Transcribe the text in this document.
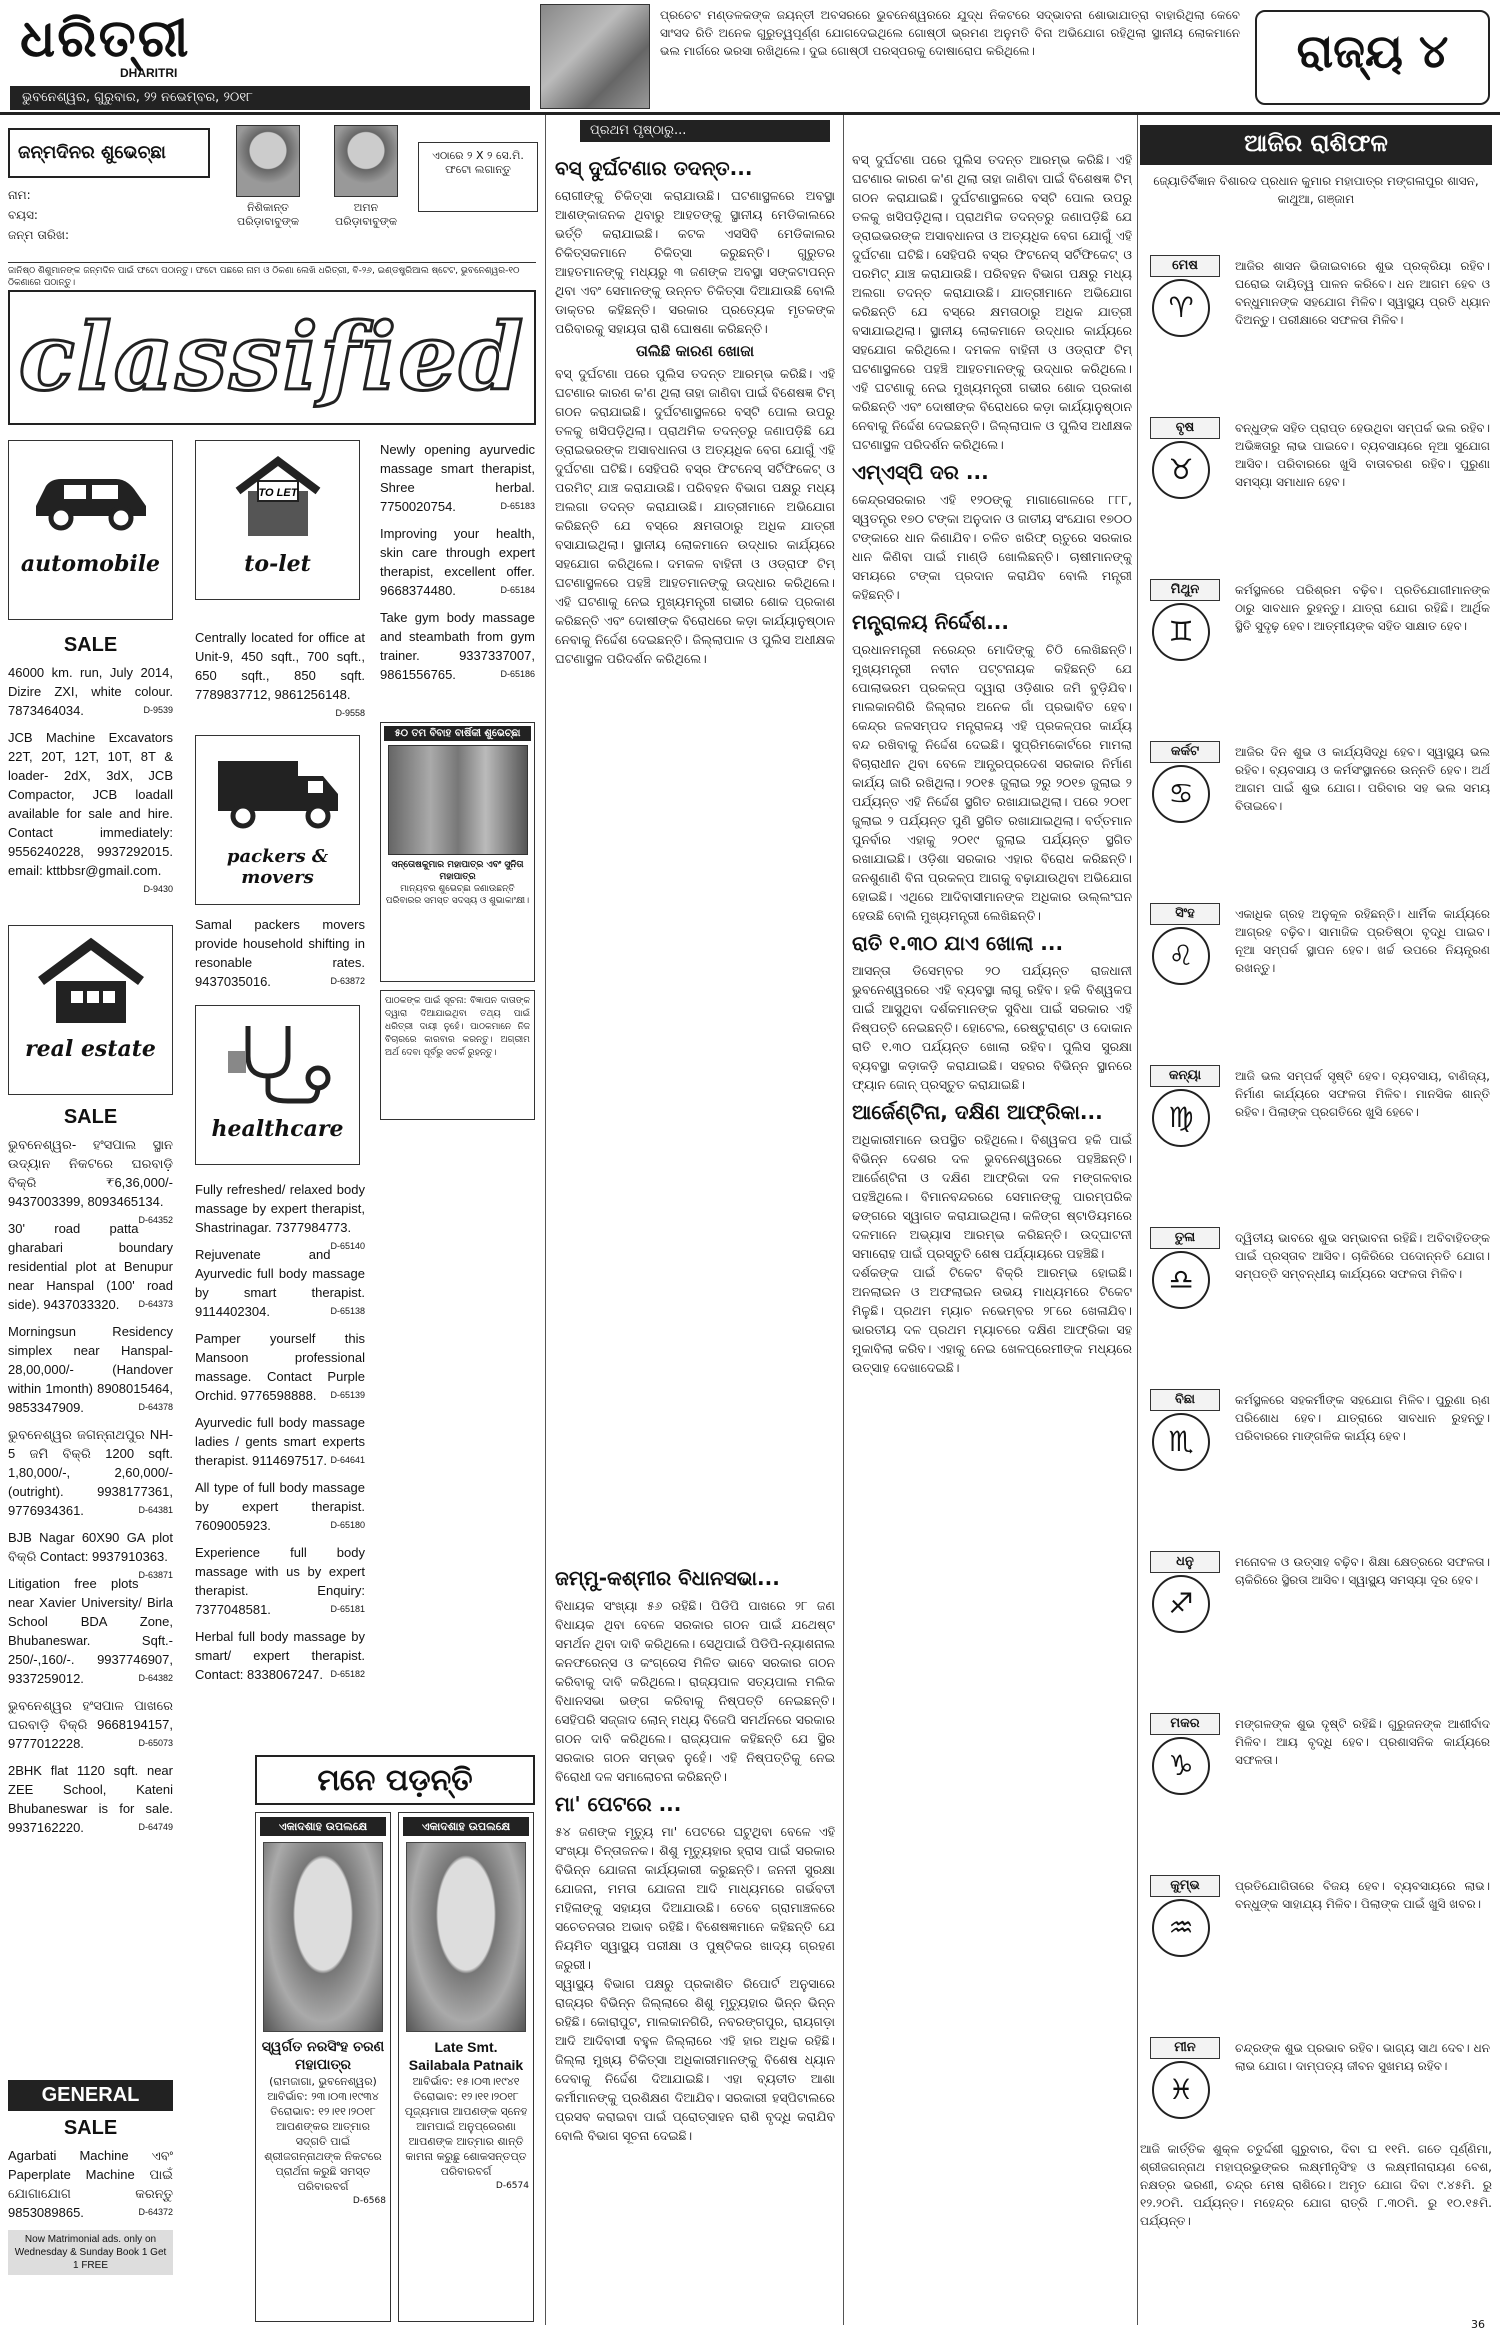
ଧରିତ୍ରୀ
DHARITRI
ଭୁବନେଶ୍ୱର, ଗୁରୁବାର, ୨୨ ନଭେମ୍ବର, ୨୦୧୮
ପ୍ରଚେଟ ମଣ୍ଡଳକଙ୍କ ଜୟନ୍ତୀ ଅବସରରେ ଭୁବନେଶ୍ୱରରେ ଯୁଦ୍ଧ ନିକଟରେ ସଦ୍ଭାବନା ଶୋଭାଯାତ୍ରା ବାହାରିଥିଲା କେବେ ସାଂସଦ ରିତି ଅନେକ ଗୁରୁତ୍ୱପୂର୍ଣ୍ଣ ଯୋଗଦେଇଥିଲେ ଗୋଷ୍ଠୀ ଭ୍ରମଣ ଅନୁମତି ବିନା ଅଭିଯୋଗ ରହିଥିଲା ସ୍ଥାନୀୟ ଲୋକମାନେ ଭଲ ମାର୍ଗରେ ଭରସା ରଖିଥିଲେ। ଦୁଇ ଗୋଷ୍ଠୀ ପରସ୍ପରକୁ ଦୋଷାରୋପ କରିଥିଲେ।	ରାଜ୍ୟ ୪
ଜନ୍ମଦିନର ଶୁଭେଚ୍ଛା
ନିଶିକାନ୍ତ ପରିଡ଼ାବାବୁଙ୍କ
ଅମନ ପରିଡ଼ାବାବୁଙ୍କ
ଏଠାରେ ୨ X ୨ ସେ.ମି. ଫଟୋ ଲଗାନ୍ତୁ
ନାମ:
ବୟସ:
ଜନ୍ମ ତାରିଖ:
ଜାନିଷ୍ଠ ଶିଶୁମାନଙ୍କ ଜନ୍ମଦିନ ପାଇଁ ଫଟୋ ପଠାନ୍ତୁ। ଫଟୋ ପଛରେ ନାମ ଓ ଠିକଣା ଲେଖି ଧରିତ୍ରୀ, ବି-୨୬, ଇଣ୍ଡଷ୍ଟ୍ରିଆଲ ଷ୍ଟେଟ, ଭୁବନେଶ୍ୱର-୧୦ ଠିକଣାରେ ପଠାନ୍ତୁ।
classified
automobile
SALE

46000 km. run, July 2014, Dizire ZXI, white colour. 7873464034.	D-9539

JCB Machine Excavators 22T, 20T, 12T, 10T, 8T & loader- 2dX, 3dX, JCB Compactor, JCB loadall available for sale and hire. Contact immediately: 9556240228, 9937292015. email: kttbbsr@gmail.com.
D-9430

real estate
SALE

ଭୁବନେଶ୍ୱର- ହଂସପାଲ ସ୍ଥାନ ଉଦ୍ୟାନ ନିକଟରେ ଘରବାଡ଼ି ବିକ୍ରି ₹6,36,000/- 9437003399, 8093465134.
D-64352

30' road patta gharabari boundary residential plot at Benupur near Hanspal (100' road side). 9437033320. D-64373

Morningsun Residency simplex near Hanspal- 28,00,000/- (Handover within 1month) 8908015464, 9853347909.	D-64378

ଭୁବନେଶ୍ୱର ଜଗନ୍ନାଥପୁର NH-5 ଜମି ବିକ୍ରି 1200 sqft. 1,80,000/-, 2,60,000/- (outright). 9938177361, 9776934361.	D-64381

BJB Nagar 60X90 GA plot ବିକ୍ରି Contact: 9937910363.
D-63871

Litigation free plots near Xavier University/ Birla School BDA Zone, Bhubaneswar. Sqft.- 250/-,160/-. 9937746907, 9337259012.	D-64382

ଭୁବନେଶ୍ୱର ହଂସପାଳ ପାଖରେ ଘରବାଡ଼ି ବିକ୍ରି 9668194157, 9777012228.	D-65073

2BHK flat 1120 sqft. near ZEE School, Kateni Bhubaneswar is for sale. 9937162220.	D-64749

GENERAL
SALE

Agarbati Machine ଏବଂ Paperplate Machine ପାଇଁ ଯୋଗାଯୋଗ କରନ୍ତୁ 9853089865.	D-64372

Now Matrimonial ads. only on Wednesday & Sunday Book 1 Get 1 FREE
TO LET
to-let

Centrally located for office at Unit-9, 450 sqft., 700 sqft., 650 sqft., 850 sqft. 7789837712, 9861256148.
D-9558

packers & movers

Samal packers movers provide household shifting in resonable rates. 9437035016.	D-63872

healthcare

Fully refreshed/ relaxed body massage by expert therapist, Shastrinagar. 7377984773.
D-65140

Rejuvenate and Ayurvedic full body massage by smart therapist. 9114402304.	D-65138

Pamper yourself this Mansoon professional massage. Contact Purple Orchid. 9776598888. D-65139

Ayurvedic full body massage ladies / gents smart experts therapist. 9114697517. D-64641

All type of full body massage by expert therapist. 7609005923.	D-65180

Experience full body massage with us by expert therapist. Enquiry: 7377048581.	D-65181

Herbal full body massage by smart/ expert therapist. Contact: 8338067247. D-65182

Newly opening ayurvedic massage smart therapist, Shree herbal. 7750020754.	D-65183

Improving your health, skin care through expert therapist, excellent offer. 9668374480.	D-65184

Take gym body massage and steambath from gym trainer. 9337337007, 9861556765.	D-65186

୫୦ ତମ ବିବାହ ବାର୍ଷିକୀ ଶୁଭେଚ୍ଛା
ସନ୍ତୋଷକୁମାର ମହାପାତ୍ର ଏବଂ ସୁନିତା ମହାପାତ୍ର
ମାନ୍ୟବର ଶୁଭେଚ୍ଛା ଜଣାଉଛନ୍ତି ପରିବାରର ସମସ୍ତ ସଦସ୍ୟ ଓ ଶୁଭାକାଂକ୍ଷୀ।
ପାଠକଙ୍କ ପାଇଁ ସୂଚନା: ବିଜ୍ଞାପନ ଦାତାଙ୍କ ଦ୍ୱାରା ଦିଆଯାଇଥିବା ତଥ୍ୟ ପାଇଁ ଧରିତ୍ରୀ ଦାୟୀ ନୁହେଁ। ପାଠକମାନେ ନିଜ ବିଚାରରେ କାରବାର କରନ୍ତୁ। ଅଗ୍ରୀମ ଅର୍ଥ ଦେବା ପୂର୍ବରୁ ସତର୍କ ରୁହନ୍ତୁ।
ମନେ ପଡ଼ନ୍ତି
ଏକାଦଶାହ ଉପଲକ୍ଷେ
ସ୍ୱର୍ଗତ ନରସିଂହ ଚରଣ ମହାପାତ୍ର
(ରାମଜାଗା, ଭୁବନେଶ୍ୱର) ଆବିର୍ଭାବ: ୨୩।୦୩।୧୯୩୪ ତିରୋଭାବ: ୧୨।୧୧।୨୦୧୮ ଆପଣଙ୍କର ଆତ୍ମାର ସଦ୍ଗତି ପାଇଁ ଶ୍ରୀଜଗନ୍ନାଥଙ୍କ ନିକଟରେ ପ୍ରାର୍ଥନା କରୁଛି ସମସ୍ତ ପରିବାରବର୍ଗ
D-6568
ଏକାଦଶାହ ଉପଲକ୍ଷେ
Late Smt. Sailabala Patnaik
ଆବିର୍ଭାବ: ୧୫।୦୩।୧୯୪୧ ତିରୋଭାବ: ୧୨।୧୧।୨୦୧୮ ପୂଜ୍ୟମାତା ଆପଣଙ୍କ ସ୍ନେହ ଆମପାଇଁ ଅନୁପ୍ରେରଣା ଆପଣଙ୍କ ଆତ୍ମାର ଶାନ୍ତି କାମନା କରୁଛୁ ଶୋକସନ୍ତପ୍ତ ପରିବାରବର୍ଗ
D-6574
ପ୍ରଥମ ପୃଷ୍ଠାରୁ...
ବସ୍ ଦୁର୍ଘଟଣାର ତଦନ୍ତ...

ରୋଗୀଙ୍କୁ ଚିକିତ୍ସା କରାଯାଉଛି। ଘଟଣାସ୍ଥଳରେ ଅବସ୍ଥା ଆଶଙ୍କାଜନକ ଥିବାରୁ ଆହତଙ୍କୁ ସ୍ଥାନୀୟ ମେଡିକାଲରେ ଭର୍ତ୍ତି କରାଯାଇଛି। କଟକ ଏସସିବି ମେଡିକାଲର ଚିକିତ୍ସକମାନେ ଚିକିତ୍ସା କରୁଛନ୍ତି। ଗୁରୁତର ଆହତମାନଙ୍କୁ ମଧ୍ୟରୁ ୩ ଜଣଙ୍କ ଅବସ୍ଥା ସଙ୍କଟାପନ୍ନ ଥିବା ଏବଂ ସେମାନଙ୍କୁ ଉନ୍ନତ ଚିକିତ୍ସା ଦିଆଯାଉଛି ବୋଲି ଡାକ୍ତର କହିଛନ୍ତି। ସରକାର ପ୍ରତ୍ୟେକ ମୃତକଙ୍କ ପରିବାରକୁ ସହାୟତା ରାଶି ଘୋଷଣା କରିଛନ୍ତି।

ତାଲିଛି କାରଣ ଖୋଜା

ବସ୍ ଦୁର୍ଘଟଣା ପରେ ପୁଲିସ ତଦନ୍ତ ଆରମ୍ଭ କରିଛି। ଏହି ଘଟଣାର କାରଣ କ'ଣ ଥିଲା ତାହା ଜାଣିବା ପାଇଁ ବିଶେଷଜ୍ଞ ଟିମ୍ ଗଠନ କରାଯାଇଛି। ଦୁର୍ଘଟଣାସ୍ଥଳରେ ବସ୍‌ଟି ପୋଲ ଉପରୁ ତଳକୁ ଖସିପଡ଼ିଥିଲା। ପ୍ରାଥମିକ ତଦନ୍ତରୁ ଜଣାପଡ଼ିଛି ଯେ ଡ୍ରାଇଭରଙ୍କ ଅସାବଧାନତା ଓ ଅତ୍ୟଧିକ ବେଗ ଯୋଗୁଁ ଏହି ଦୁର୍ଘଟଣା ଘଟିଛି। ସେହିପରି ବସ୍‌ର ଫିଟନେସ୍ ସର୍ଟିଫିକେଟ୍ ଓ ପରମିଟ୍ ଯାଞ୍ଚ କରାଯାଉଛି। ପରିବହନ ବିଭାଗ ପକ୍ଷରୁ ମଧ୍ୟ ଅଲଗା ତଦନ୍ତ କରାଯାଉଛି। ଯାତ୍ରୀମାନେ ଅଭିଯୋଗ କରିଛନ୍ତି ଯେ ବସ୍‌ରେ କ୍ଷମତାଠାରୁ ଅଧିକ ଯାତ୍ରୀ ବସାଯାଇଥିଲା। ସ୍ଥାନୀୟ ଲୋକମାନେ ଉଦ୍ଧାର କାର୍ଯ୍ୟରେ ସହଯୋଗ କରିଥିଲେ। ଦମକଳ ବାହିନୀ ଓ ଓଡ୍ରାଫ ଟିମ୍ ଘଟଣାସ୍ଥଳରେ ପହଞ୍ଚି ଆହତମାନଙ୍କୁ ଉଦ୍ଧାର କରିଥିଲେ। ଏହି ଘଟଣାକୁ ନେଇ ମୁଖ୍ୟମନ୍ତ୍ରୀ ଗଭୀର ଶୋକ ପ୍ରକାଶ କରିଛନ୍ତି ଏବଂ ଦୋଷୀଙ୍କ ବିରୋଧରେ କଡ଼ା କାର୍ଯ୍ୟାନୁଷ୍ଠାନ ନେବାକୁ ନିର୍ଦ୍ଦେଶ ଦେଇଛନ୍ତି। ଜିଲ୍ଲାପାଳ ଓ ପୁଲିସ ଅଧୀକ୍ଷକ ଘଟଣାସ୍ଥଳ ପରିଦର୍ଶନ କରିଥିଲେ।

ଜମ୍ମୁ-କଶ୍ମୀର ବିଧାନସଭା...

ବିଧାୟକ ସଂଖ୍ୟା ୫୬ ରହିଛି। ପିଡିପି ପାଖରେ ୨୮ ଜଣ ବିଧାୟକ ଥିବା ବେଳେ ସରକାର ଗଠନ ପାଇଁ ଯଥେଷ୍ଟ ସମର୍ଥନ ଥିବା ଦାବି କରିଥିଲେ। ସେଥିପାଇଁ ପିଡିପି-ନ୍ୟାଶନାଲ କନଫରେନ୍ସ ଓ କଂଗ୍ରେସ ମିଳିତ ଭାବେ ସରକାର ଗଠନ କରିବାକୁ ଦାବି କରିଥିଲେ। ରାଜ୍ୟପାଳ ସତ୍ୟପାଲ ମଲିକ ବିଧାନସଭା ଭଙ୍ଗ କରିବାକୁ ନିଷ୍ପତ୍ତି ନେଇଛନ୍ତି। ସେହିପରି ସଜ୍ଜାଦ ଲୋନ୍ ମଧ୍ୟ ବିଜେପି ସମର୍ଥନରେ ସରକାର ଗଠନ ଦାବି କରିଥିଲେ। ରାଜ୍ୟପାଳ କହିଛନ୍ତି ଯେ ସ୍ଥିର ସରକାର ଗଠନ ସମ୍ଭବ ନୁହେଁ। ଏହି ନିଷ୍ପତ୍ତିକୁ ନେଇ ବିରୋଧୀ ଦଳ ସମାଲୋଚନା କରିଛନ୍ତି।

ମା' ପେଟରେ ...

୫୪ ଜଣଙ୍କ ମୃତ୍ୟୁ ମା' ପେଟରେ ଘଟୁଥିବା ବେଳେ ଏହି ସଂଖ୍ୟା ଚିନ୍ତାଜନକ। ଶିଶୁ ମୃତ୍ୟୁହାର ହ୍ରାସ ପାଇଁ ସରକାର ବିଭିନ୍ନ ଯୋଜନା କାର୍ଯ୍ୟକାରୀ କରୁଛନ୍ତି। ଜନନୀ ସୁରକ୍ଷା ଯୋଜନା, ମମତା ଯୋଜନା ଆଦି ମାଧ୍ୟମରେ ଗର୍ଭବତୀ ମହିଳାଙ୍କୁ ସହାୟତା ଦିଆଯାଉଛି। ତେବେ ଗ୍ରାମାଞ୍ଚଳରେ ସଚେତନତାର ଅଭାବ ରହିଛି। ବିଶେଷଜ୍ଞମାନେ କହିଛନ୍ତି ଯେ ନିୟମିତ ସ୍ୱାସ୍ଥ୍ୟ ପରୀକ୍ଷା ଓ ପୁଷ୍ଟିକର ଖାଦ୍ୟ ଗ୍ରହଣ ଜରୁରୀ।

ସ୍ୱାସ୍ଥ୍ୟ ବିଭାଗ ପକ୍ଷରୁ ପ୍ରକାଶିତ ରିପୋର୍ଟ ଅନୁସାରେ ରାଜ୍ୟର ବିଭିନ୍ନ ଜିଲ୍ଲାରେ ଶିଶୁ ମୃତ୍ୟୁହାର ଭିନ୍ନ ଭିନ୍ନ ରହିଛି। କୋରାପୁଟ, ମାଲକାନଗିରି, ନବରଙ୍ଗପୁର, ରାୟଗଡ଼ା ଆଦି ଆଦିବାସୀ ବହୁଳ ଜିଲ୍ଲାରେ ଏହି ହାର ଅଧିକ ରହିଛି। ଜିଲ୍ଲା ମୁଖ୍ୟ ଚିକିତ୍ସା ଅଧିକାରୀମାନଙ୍କୁ ବିଶେଷ ଧ୍ୟାନ ଦେବାକୁ ନିର୍ଦ୍ଦେଶ ଦିଆଯାଇଛି। ଏହା ବ୍ୟତୀତ ଆଶା କର୍ମୀମାନଙ୍କୁ ପ୍ରଶିକ୍ଷଣ ଦିଆଯିବ। ସରକାରୀ ହସ୍ପିଟାଲରେ ପ୍ରସବ କରାଇବା ପାଇଁ ପ୍ରୋତ୍ସାହନ ରାଶି ବୃଦ୍ଧି କରାଯିବ ବୋଲି ବିଭାଗ ସୂଚନା ଦେଇଛି।

ବସ୍ ଦୁର୍ଘଟଣା ପରେ ପୁଲିସ ତଦନ୍ତ ଆରମ୍ଭ କରିଛି। ଏହି ଘଟଣାର କାରଣ କ'ଣ ଥିଲା ତାହା ଜାଣିବା ପାଇଁ ବିଶେଷଜ୍ଞ ଟିମ୍ ଗଠନ କରାଯାଇଛି। ଦୁର୍ଘଟଣାସ୍ଥଳରେ ବସ୍‌ଟି ପୋଲ ଉପରୁ ତଳକୁ ଖସିପଡ଼ିଥିଲା। ପ୍ରାଥମିକ ତଦନ୍ତରୁ ଜଣାପଡ଼ିଛି ଯେ ଡ୍ରାଇଭରଙ୍କ ଅସାବଧାନତା ଓ ଅତ୍ୟଧିକ ବେଗ ଯୋଗୁଁ ଏହି ଦୁର୍ଘଟଣା ଘଟିଛି। ସେହିପରି ବସ୍‌ର ଫିଟନେସ୍ ସର୍ଟିଫିକେଟ୍ ଓ ପରମିଟ୍ ଯାଞ୍ଚ କରାଯାଉଛି। ପରିବହନ ବିଭାଗ ପକ୍ଷରୁ ମଧ୍ୟ ଅଲଗା ତଦନ୍ତ କରାଯାଉଛି। ଯାତ୍ରୀମାନେ ଅଭିଯୋଗ କରିଛନ୍ତି ଯେ ବସ୍‌ରେ କ୍ଷମତାଠାରୁ ଅଧିକ ଯାତ୍ରୀ ବସାଯାଇଥିଲା। ସ୍ଥାନୀୟ ଲୋକମାନେ ଉଦ୍ଧାର କାର୍ଯ୍ୟରେ ସହଯୋଗ କରିଥିଲେ। ଦମକଳ ବାହିନୀ ଓ ଓଡ୍ରାଫ ଟିମ୍ ଘଟଣାସ୍ଥଳରେ ପହଞ୍ଚି ଆହତମାନଙ୍କୁ ଉଦ୍ଧାର କରିଥିଲେ। ଏହି ଘଟଣାକୁ ନେଇ ମୁଖ୍ୟମନ୍ତ୍ରୀ ଗଭୀର ଶୋକ ପ୍ରକାଶ କରିଛନ୍ତି ଏବଂ ଦୋଷୀଙ୍କ ବିରୋଧରେ କଡ଼ା କାର୍ଯ୍ୟାନୁଷ୍ଠାନ ନେବାକୁ ନିର୍ଦ୍ଦେଶ ଦେଇଛନ୍ତି। ଜିଲ୍ଲାପାଳ ଓ ପୁଲିସ ଅଧୀକ୍ଷକ ଘଟଣାସ୍ଥଳ ପରିଦର୍ଶନ କରିଥିଲେ।

ଏମ୍‌ଏସ୍‌ପି ଦର ...

କେନ୍ଦ୍ରସରକାର ଏହି ୧୨୦ଙ୍କୁ ମାଗାଗୋଳରେ ୮୮୮, ସ୍ୱତନ୍ତ୍ର ୧୭୦ ଟଙ୍କା ଅନୁଦାନ ଓ ଜାତୀୟ ସଂଯୋଗ ୧୭୦୦ ଟଙ୍କାରେ ଧାନ କିଣାଯିବ। ଚଳିତ ଖରିଫ୍ ଋତୁରେ ସରକାର ଧାନ କିଣିବା ପାଇଁ ମାଣ୍ଡି ଖୋଲିଛନ୍ତି। ଚାଷୀମାନଙ୍କୁ ସମୟରେ ଟଙ୍କା ପ୍ରଦାନ କରାଯିବ ବୋଲି ମନ୍ତ୍ରୀ କହିଛନ୍ତି।

ମନ୍ତ୍ରାଳୟ ନିର୍ଦ୍ଦେଶ...

ପ୍ରଧାନମନ୍ତ୍ରୀ ନରେନ୍ଦ୍ର ମୋଦିଙ୍କୁ ଚିଠି ଲେଖିଛନ୍ତି। ମୁଖ୍ୟମନ୍ତ୍ରୀ ନବୀନ ପଟ୍ଟନାୟକ କହିଛନ୍ତି ଯେ ପୋଲାଭରମ ପ୍ରକଳ୍ପ ଦ୍ୱାରା ଓଡ଼ିଶାର ଜମି ବୁଡ଼ିଯିବ। ମାଲକାନଗିରି ଜିଲ୍ଲାର ଅନେକ ଗାଁ ପ୍ରଭାବିତ ହେବ। କେନ୍ଦ୍ର ଜଳସମ୍ପଦ ମନ୍ତ୍ରାଳୟ ଏହି ପ୍ରକଳ୍ପର କାର୍ଯ୍ୟ ବନ୍ଦ ରଖିବାକୁ ନିର୍ଦ୍ଦେଶ ଦେଇଛି। ସୁପ୍ରିମକୋର୍ଟରେ ମାମଲା ବିଚାରାଧୀନ ଥିବା ବେଳେ ଆନ୍ଧ୍ରପ୍ରଦେଶ ସରକାର ନିର୍ମାଣ କାର୍ଯ୍ୟ ଜାରି ରଖିଥିଲା। ୨୦୧୫ ଜୁଲାଇ ୨ରୁ ୨୦୧୭ ଜୁଲାଇ ୨ ପର୍ଯ୍ୟନ୍ତ ଏହି ନିର୍ଦ୍ଦେଶ ସ୍ଥଗିତ ରଖାଯାଇଥିଲା। ପରେ ୨୦୧୮ ଜୁଲାଇ ୨ ପର୍ଯ୍ୟନ୍ତ ପୁଣି ସ୍ଥଗିତ ରଖାଯାଇଥିଲା। ବର୍ତ୍ତମାନ ପୁନର୍ବାର ଏହାକୁ ୨୦୧୯ ଜୁଲାଇ ପର୍ଯ୍ୟନ୍ତ ସ୍ଥଗିତ ରଖାଯାଇଛି। ଓଡ଼ିଶା ସରକାର ଏହାର ବିରୋଧ କରିଛନ୍ତି। ଜନଶୁଣାଣି ବିନା ପ୍ରକଳ୍ପ ଆଗକୁ ବଢ଼ାଯାଉଥିବା ଅଭିଯୋଗ ହୋଇଛି। ଏଥିରେ ଆଦିବାସୀମାନଙ୍କ ଅଧିକାର ଉଲ୍ଲଂଘନ ହେଉଛି ବୋଲି ମୁଖ୍ୟମନ୍ତ୍ରୀ ଲେଖିଛନ୍ତି।

ରାତି ୧.୩୦ ଯାଏ ଖୋଲା ...

ଆସନ୍ତା ଡିସେମ୍ବର ୨୦ ପର୍ଯ୍ୟନ୍ତ ରାଜଧାନୀ ଭୁବନେଶ୍ୱରରେ ଏହି ବ୍ୟବସ୍ଥା ଲାଗୁ ରହିବ। ହକି ବିଶ୍ୱକପ ପାଇଁ ଆସୁଥିବା ଦର୍ଶକମାନଙ୍କ ସୁବିଧା ପାଇଁ ସରକାର ଏହି ନିଷ୍ପତ୍ତି ନେଇଛନ୍ତି। ହୋଟେଲ, ରେଷ୍ଟୁରାଣ୍ଟ ଓ ଦୋକାନ ରାତି ୧.୩୦ ପର୍ଯ୍ୟନ୍ତ ଖୋଲା ରହିବ। ପୁଲିସ ସୁରକ୍ଷା ବ୍ୟବସ୍ଥା କଡ଼ାକଡ଼ି କରାଯାଇଛି। ସହରର ବିଭିନ୍ନ ସ୍ଥାନରେ ଫ୍ୟାନ ଜୋନ୍ ପ୍ରସ୍ତୁତ କରାଯାଇଛି।

ଆର୍ଜେଣ୍ଟିନା, ଦକ୍ଷିଣ ଆଫ୍ରିକା...

ଅଧିକାରୀମାନେ ଉପସ୍ଥିତ ରହିଥିଲେ। ବିଶ୍ୱକପ ହକି ପାଇଁ ବିଭିନ୍ନ ଦେଶର ଦଳ ଭୁବନେଶ୍ୱରରେ ପହଞ୍ଚିଛନ୍ତି। ଆର୍ଜେଣ୍ଟିନା ଓ ଦକ୍ଷିଣ ଆଫ୍ରିକା ଦଳ ମଙ୍ଗଳବାର ପହଞ୍ଚିଥିଲେ। ବିମାନବନ୍ଦରରେ ସେମାନଙ୍କୁ ପାରମ୍ପରିକ ଢଙ୍ଗରେ ସ୍ୱାଗତ କରାଯାଇଥିଲା। କଳିଙ୍ଗ ଷ୍ଟାଡିୟମରେ ଦଳମାନେ ଅଭ୍ୟାସ ଆରମ୍ଭ କରିଛନ୍ତି। ଉଦ୍‌ଘାଟନୀ ସମାରୋହ ପାଇଁ ପ୍ରସ୍ତୁତି ଶେଷ ପର୍ଯ୍ୟାୟରେ ପହଞ୍ଚିଛି।

ଦର୍ଶକଙ୍କ ପାଇଁ ଟିକେଟ ବିକ୍ରି ଆରମ୍ଭ ହୋଇଛି। ଅନଲାଇନ ଓ ଅଫଲାଇନ ଉଭୟ ମାଧ୍ୟମରେ ଟିକେଟ ମିଳୁଛି। ପ୍ରଥମ ମ୍ୟାଚ ନଭେମ୍ବର ୨୮ରେ ଖେଳାଯିବ। ଭାରତୀୟ ଦଳ ପ୍ରଥମ ମ୍ୟାଚରେ ଦକ୍ଷିଣ ଆଫ୍ରିକା ସହ ମୁକାବିଲା କରିବ। ଏହାକୁ ନେଇ ଖେଳପ୍ରେମୀଙ୍କ ମଧ୍ୟରେ ଉତ୍ସାହ ଦେଖାଦେଇଛି।

ଆଜିର ରାଶିଫଳ
ଜ୍ୟୋତିର୍ବିଜ୍ଞାନ ବିଶାରଦ ପ୍ରଧାନ କୁମାର ମହାପାତ୍ର ମଙ୍ଗଳାପୁର ଶାସନ, କାଥୁଆ, ଗଞ୍ଜାମ
ମେଷ
♈
ଆଜିର ଶାସନ ଭିଜାଇବାରେ ଶୁଭ ପ୍ରକ୍ରିୟା ରହିବ। ଘରୋଇ ଦାୟିତ୍ୱ ପାଳନ କରିବେ। ଧନ ଆଗମ ହେବ ଓ ବନ୍ଧୁମାନଙ୍କ ସହଯୋଗ ମିଳିବ। ସ୍ୱାସ୍ଥ୍ୟ ପ୍ରତି ଧ୍ୟାନ ଦିଅନ୍ତୁ। ପରୀକ୍ଷାରେ ସଫଳତା ମିଳିବ।
ବୃଷ
♉
ବନ୍ଧୁଙ୍କ ସହିତ ପ୍ରାପ୍ତ ହେଉଥିବା ସମ୍ପର୍କ ଭଲ ରହିବ। ଅଭିଜ୍ଞତାରୁ ଲାଭ ପାଇବେ। ବ୍ୟବସାୟରେ ନୂଆ ସୁଯୋଗ ଆସିବ। ପରିବାରରେ ଖୁସି ବାତାବରଣ ରହିବ। ପୁରୁଣା ସମସ୍ୟା ସମାଧାନ ହେବ।
ମିଥୁନ
♊
କର୍ମସ୍ଥଳରେ ପରିଶ୍ରମ ବଢ଼ିବ। ପ୍ରତିଯୋଗୀମାନଙ୍କ ଠାରୁ ସାବଧାନ ରୁହନ୍ତୁ। ଯାତ୍ରା ଯୋଗ ରହିଛି। ଆର୍ଥିକ ସ୍ଥିତି ସୁଦୃଢ଼ ହେବ। ଆତ୍ମୀୟଙ୍କ ସହିତ ସାକ୍ଷାତ ହେବ।
କର୍କଟ
♋
ଆଜିର ଦିନ ଶୁଭ ଓ କାର୍ଯ୍ୟସିଦ୍ଧି ହେବ। ସ୍ୱାସ୍ଥ୍ୟ ଭଲ ରହିବ। ବ୍ୟବସାୟ ଓ କର୍ମସଂସ୍ଥାନରେ ଉନ୍ନତି ହେବ। ଅର୍ଥ ଆଗମ ପାଇଁ ଶୁଭ ଯୋଗ। ପରିବାର ସହ ଭଲ ସମୟ ବିତାଇବେ।
ସିଂହ
♌
ଏକାଧିକ ଗ୍ରହ ଅନୁକୂଳ ରହିଛନ୍ତି। ଧାର୍ମିକ କାର୍ଯ୍ୟରେ ଆଗ୍ରହ ବଢ଼ିବ। ସାମାଜିକ ପ୍ରତିଷ୍ଠା ବୃଦ୍ଧି ପାଇବ। ନୂଆ ସମ୍ପର୍କ ସ୍ଥାପନ ହେବ। ଖର୍ଚ୍ଚ ଉପରେ ନିୟନ୍ତ୍ରଣ ରଖନ୍ତୁ।
କନ୍ୟା
♍
ଆଜି ଭଲ ସମ୍ପର୍କ ସୃଷ୍ଟି ହେବ। ବ୍ୟବସାୟ, ବାଣିଜ୍ୟ, ନିର୍ମାଣ କାର୍ଯ୍ୟରେ ସଫଳତା ମିଳିବ। ମାନସିକ ଶାନ୍ତି ରହିବ। ପିଲାଙ୍କ ପ୍ରଗତିରେ ଖୁସି ହେବେ।
ତୁଳା
♎
ଦ୍ୱିତୀୟ ଭାବରେ ଶୁଭ ସମ୍ଭାବନା ରହିଛି। ଅବିବାହିତଙ୍କ ପାଇଁ ପ୍ରସ୍ତାବ ଆସିବ। ଚାକିରିରେ ପଦୋନ୍ନତି ଯୋଗ। ସମ୍ପତ୍ତି ସମ୍ବନ୍ଧୀୟ କାର୍ଯ୍ୟରେ ସଫଳତା ମିଳିବ।
ବିଛା
♏
କର୍ମସ୍ଥଳରେ ସହକର୍ମୀଙ୍କ ସହଯୋଗ ମିଳିବ। ପୁରୁଣା ଋଣ ପରିଶୋଧ ହେବ। ଯାତ୍ରାରେ ସାବଧାନ ରୁହନ୍ତୁ। ପରିବାରରେ ମାଙ୍ଗଳିକ କାର୍ଯ୍ୟ ହେବ।
ଧନୁ
♐
ମନୋବଳ ଓ ଉତ୍ସାହ ବଢ଼ିବ। ଶିକ୍ଷା କ୍ଷେତ୍ରରେ ସଫଳତା। ଚାକିରିରେ ସ୍ଥିରତା ଆସିବ। ସ୍ୱାସ୍ଥ୍ୟ ସମସ୍ୟା ଦୂର ହେବ।
ମକର
♑
ମଙ୍ଗଳଙ୍କ ଶୁଭ ଦୃଷ୍ଟି ରହିଛି। ଗୁରୁଜନଙ୍କ ଆଶୀର୍ବାଦ ମିଳିବ। ଆୟ ବୃଦ୍ଧି ହେବ। ପ୍ରଶାସନିକ କାର୍ଯ୍ୟରେ ସଫଳତା।
କୁମ୍ଭ
♒
ପ୍ରତିଯୋଗିତାରେ ବିଜୟ ହେବ। ବ୍ୟବସାୟରେ ଲାଭ। ବନ୍ଧୁଙ୍କ ସାହାଯ୍ୟ ମିଳିବ। ପିଲାଙ୍କ ପାଇଁ ଖୁସି ଖବର।
ମୀନ
♓
ଚନ୍ଦ୍ରଙ୍କ ଶୁଭ ପ୍ରଭାବ ରହିବ। ଭାଗ୍ୟ ସାଥ ଦେବ। ଧନ ଲାଭ ଯୋଗ। ଦାମ୍ପତ୍ୟ ଜୀବନ ସୁଖମୟ ରହିବ।
ଆଜି କାର୍ତ୍ତିକ ଶୁକ୍ଳ ଚତୁର୍ଦ୍ଦଶୀ ଗୁରୁବାର, ଦିବା ଘ ୧୧ମି. ଗତେ ପୂର୍ଣ୍ଣିମା, ଶ୍ରୀଜଗନ୍ନାଥ ମହାପ୍ରଭୁଙ୍କର ଲକ୍ଷ୍ମୀନୃସିଂହ ଓ ଲକ୍ଷ୍ମୀନାରାୟଣ ବେଶ, ନକ୍ଷତ୍ର ଭରଣୀ, ଚନ୍ଦ୍ର ମେଷ ରାଶିରେ। ଅମୃତ ଯୋଗ ଦିବା ୯.୪୫ମି. ରୁ ୧୨.୨୦ମି. ପର୍ଯ୍ୟନ୍ତ। ମହେନ୍ଦ୍ର ଯୋଗ ରାତ୍ରି ୮.୩୦ମି. ରୁ ୧୦.୧୫ମି. ପର୍ଯ୍ୟନ୍ତ।
36
